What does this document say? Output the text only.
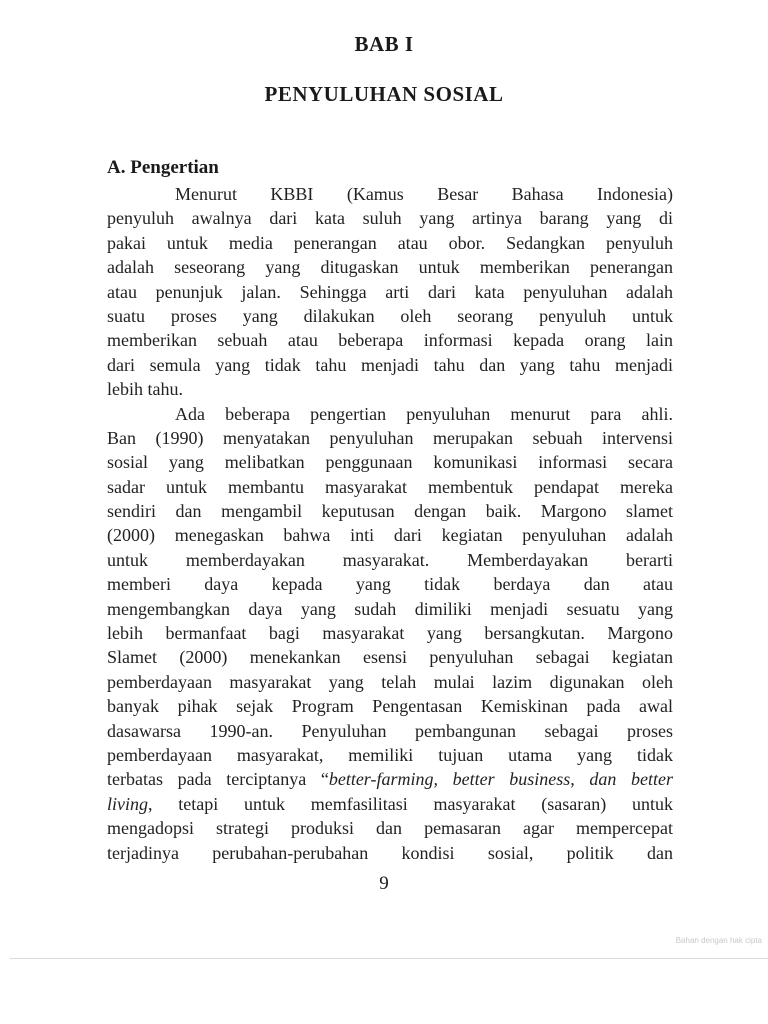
BAB I
PENYULUHAN SOSIAL
A. Pengertian
Menurut KBBI (Kamus Besar Bahasa Indonesia)
penyuluh awalnya dari kata suluh yang artinya barang yang di
pakai untuk media penerangan atau obor. Sedangkan penyuluh
adalah seseorang yang ditugaskan untuk memberikan penerangan
atau penunjuk jalan. Sehingga arti dari kata penyuluhan adalah
suatu proses yang dilakukan oleh seorang penyuluh untuk
memberikan sebuah atau beberapa informasi kepada orang lain
dari semula yang tidak tahu menjadi tahu dan yang tahu menjadi
lebih tahu.
Ada beberapa pengertian penyuluhan menurut para ahli.
Ban (1990) menyatakan penyuluhan merupakan sebuah intervensi
sosial yang melibatkan penggunaan komunikasi informasi secara
sadar untuk membantu masyarakat membentuk pendapat mereka
sendiri dan mengambil keputusan dengan baik. Margono slamet
(2000) menegaskan bahwa inti dari kegiatan penyuluhan adalah
untuk memberdayakan masyarakat. Memberdayakan berarti
memberi daya kepada yang tidak berdaya dan atau
mengembangkan daya yang sudah dimiliki menjadi sesuatu yang
lebih bermanfaat bagi masyarakat yang bersangkutan. Margono
Slamet (2000) menekankan esensi penyuluhan sebagai kegiatan
pemberdayaan masyarakat yang telah mulai lazim digunakan oleh
banyak pihak sejak Program Pengentasan Kemiskinan pada awal
dasawarsa 1990-an. Penyuluhan pembangunan sebagai proses
pemberdayaan masyarakat, memiliki tujuan utama yang tidak
terbatas pada terciptanya “better-farming, better business, dan better
living, tetapi untuk memfasilitasi masyarakat (sasaran) untuk
mengadopsi strategi produksi dan pemasaran agar mempercepat
terjadinya perubahan-perubahan kondisi sosial, politik dan
9
Bahan dengan hak cipta
